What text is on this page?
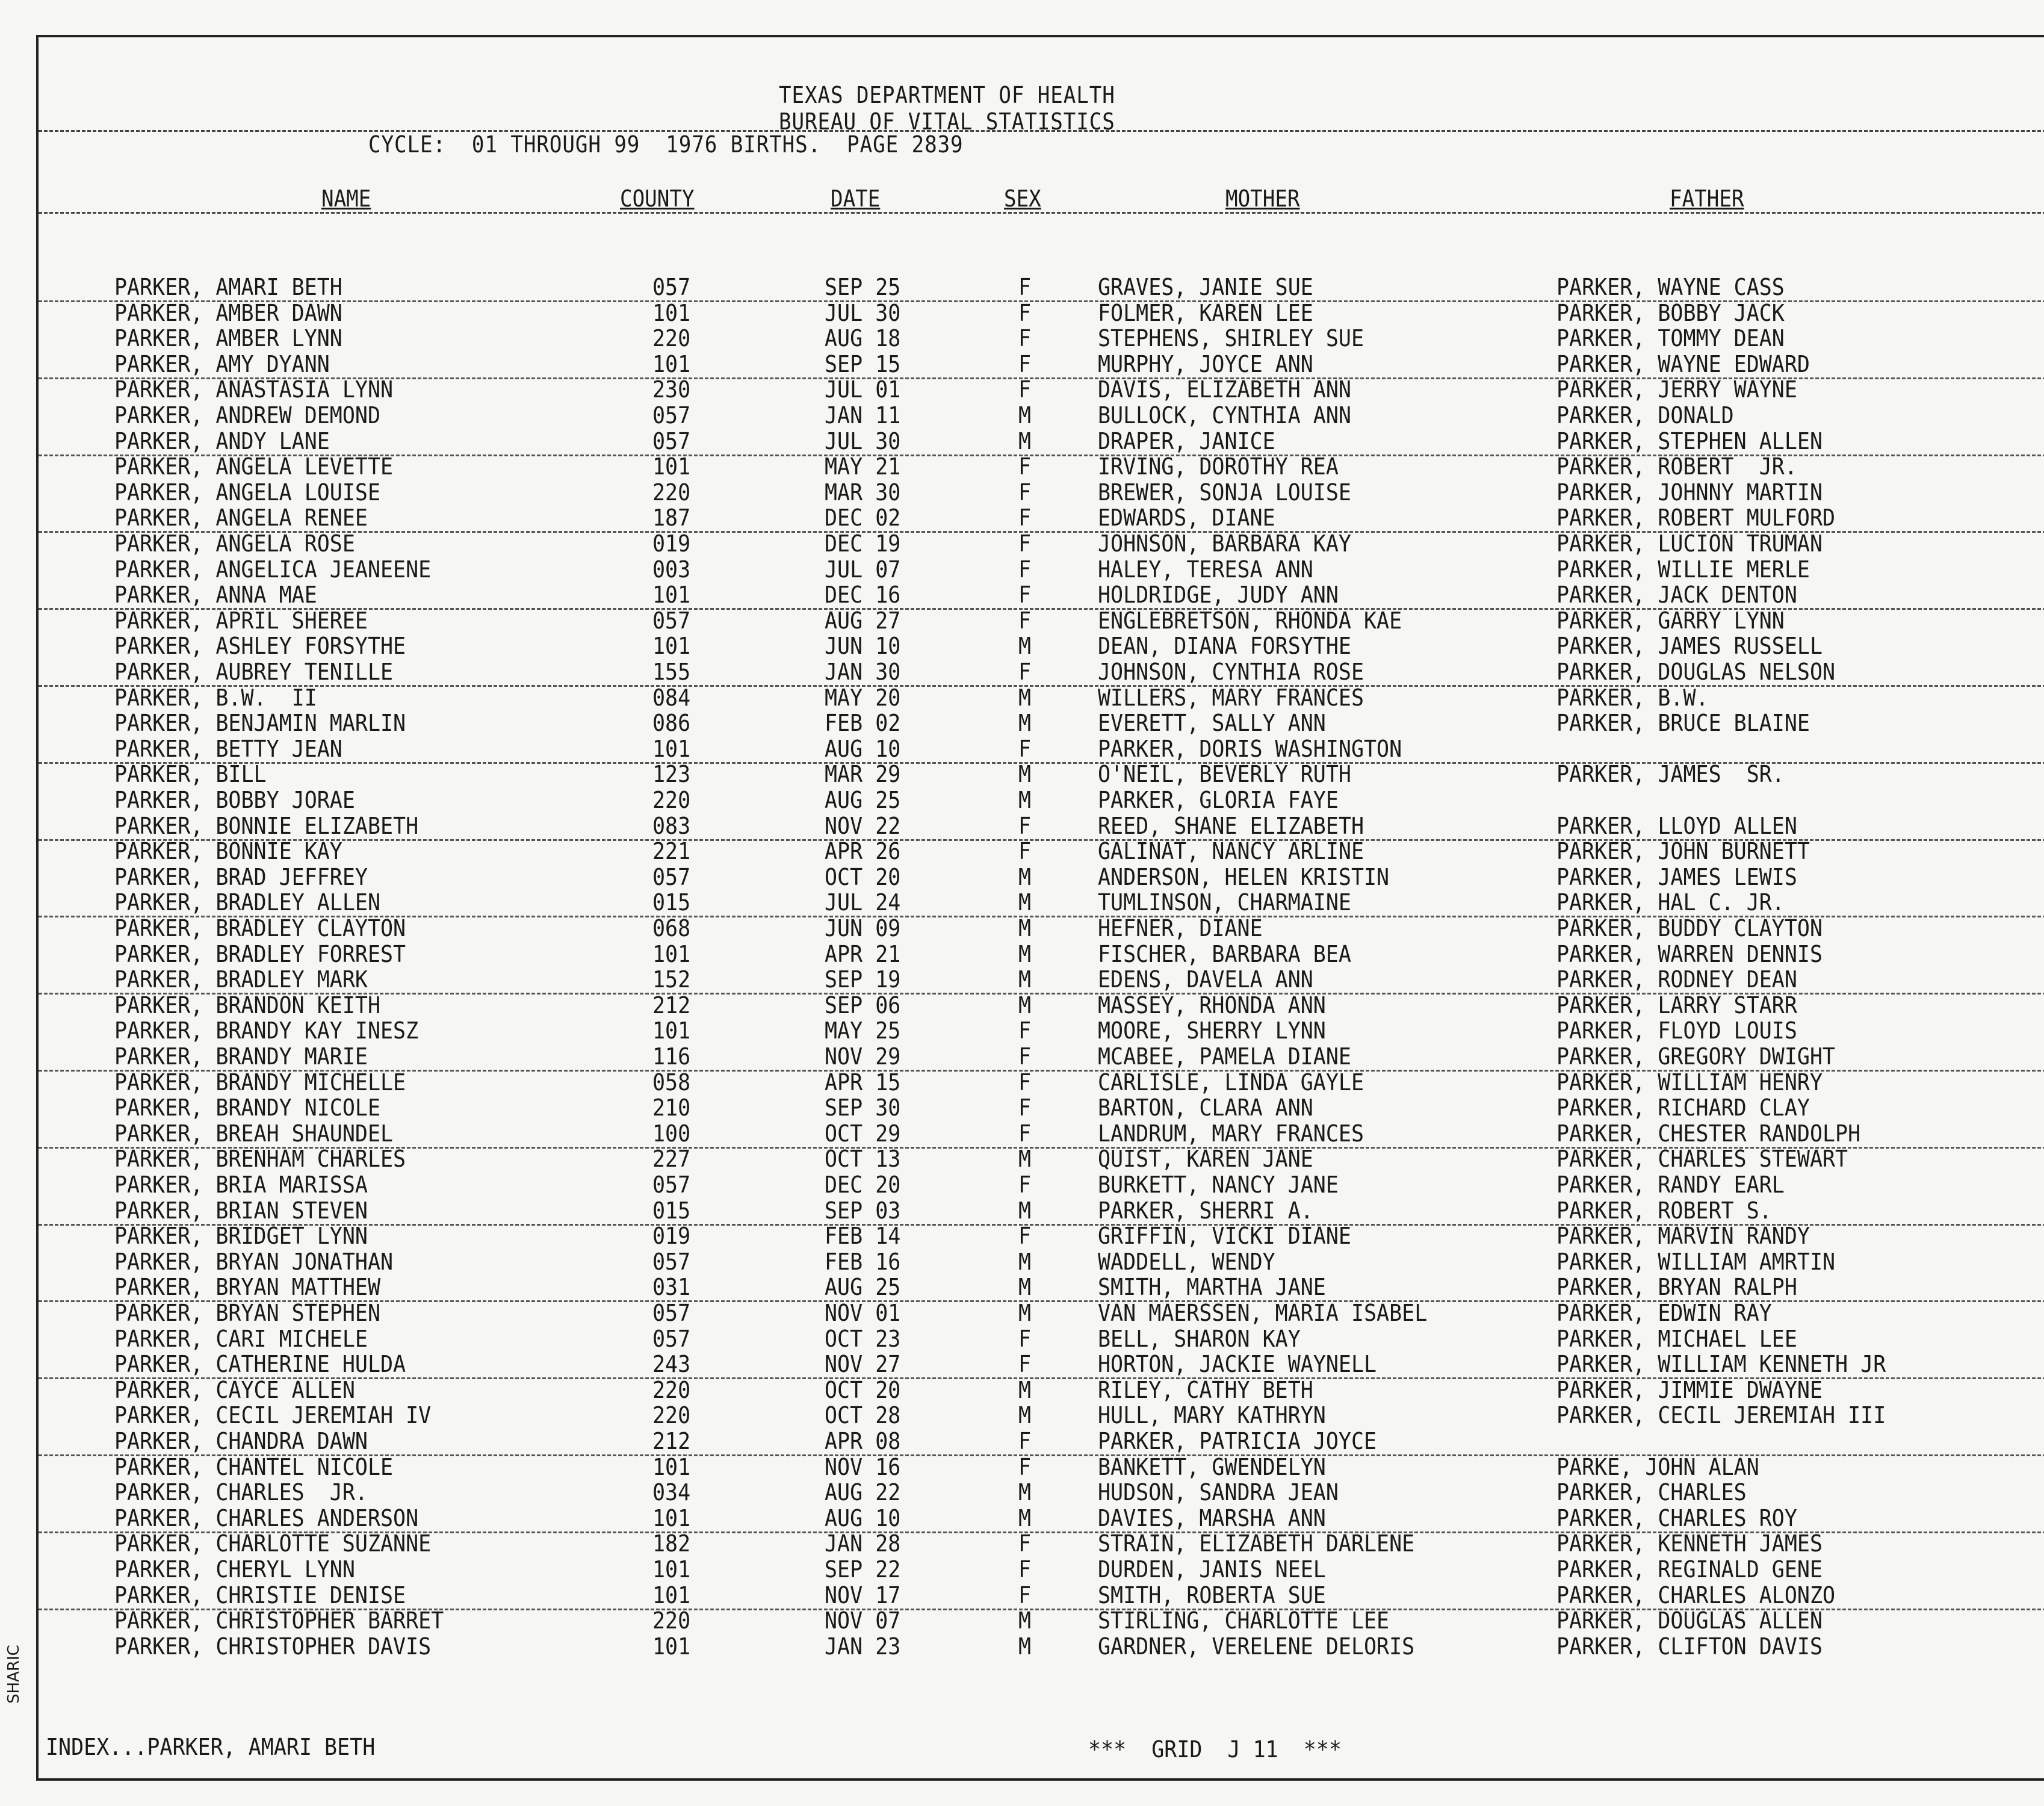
TEXAS DEPARTMENT OF HEALTH
BUREAU OF VITAL STATISTICS
CYCLE:  01 THROUGH 99  1976 BIRTHS.  PAGE 2839
NAME	COUNTY	DATE	SEX	MOTHER	FATHER
PARKER, AMARI BETH	057	SEP 25	F	GRAVES, JANIE SUE	PARKER, WAYNE CASS
PARKER, AMBER DAWN	101	JUL 30	F	FOLMER, KAREN LEE	PARKER, BOBBY JACK
PARKER, AMBER LYNN	220	AUG 18	F	STEPHENS, SHIRLEY SUE	PARKER, TOMMY DEAN
PARKER, AMY DYANN	101	SEP 15	F	MURPHY, JOYCE ANN	PARKER, WAYNE EDWARD
PARKER, ANASTASIA LYNN	230	JUL 01	F	DAVIS, ELIZABETH ANN	PARKER, JERRY WAYNE
PARKER, ANDREW DEMOND	057	JAN 11	M	BULLOCK, CYNTHIA ANN	PARKER, DONALD
PARKER, ANDY LANE	057	JUL 30	M	DRAPER, JANICE	PARKER, STEPHEN ALLEN
PARKER, ANGELA LEVETTE	101	MAY 21	F	IRVING, DOROTHY REA	PARKER, ROBERT  JR.
PARKER, ANGELA LOUISE	220	MAR 30	F	BREWER, SONJA LOUISE	PARKER, JOHNNY MARTIN
PARKER, ANGELA RENEE	187	DEC 02	F	EDWARDS, DIANE	PARKER, ROBERT MULFORD
PARKER, ANGELA ROSE	019	DEC 19	F	JOHNSON, BARBARA KAY	PARKER, LUCION TRUMAN
PARKER, ANGELICA JEANEENE	003	JUL 07	F	HALEY, TERESA ANN	PARKER, WILLIE MERLE
PARKER, ANNA MAE	101	DEC 16	F	HOLDRIDGE, JUDY ANN	PARKER, JACK DENTON
PARKER, APRIL SHEREE	057	AUG 27	F	ENGLEBRETSON, RHONDA KAE	PARKER, GARRY LYNN
PARKER, ASHLEY FORSYTHE	101	JUN 10	M	DEAN, DIANA FORSYTHE	PARKER, JAMES RUSSELL
PARKER, AUBREY TENILLE	155	JAN 30	F	JOHNSON, CYNTHIA ROSE	PARKER, DOUGLAS NELSON
PARKER, B.W.  II	084	MAY 20	M	WILLERS, MARY FRANCES	PARKER, B.W.
PARKER, BENJAMIN MARLIN	086	FEB 02	M	EVERETT, SALLY ANN	PARKER, BRUCE BLAINE
PARKER, BETTY JEAN	101	AUG 10	F	PARKER, DORIS WASHINGTON
PARKER, BILL	123	MAR 29	M	O'NEIL, BEVERLY RUTH	PARKER, JAMES  SR.
PARKER, BOBBY JORAE	220	AUG 25	M	PARKER, GLORIA FAYE
PARKER, BONNIE ELIZABETH	083	NOV 22	F	REED, SHANE ELIZABETH	PARKER, LLOYD ALLEN
PARKER, BONNIE KAY	221	APR 26	F	GALINAT, NANCY ARLINE	PARKER, JOHN BURNETT
PARKER, BRAD JEFFREY	057	OCT 20	M	ANDERSON, HELEN KRISTIN	PARKER, JAMES LEWIS
PARKER, BRADLEY ALLEN	015	JUL 24	M	TUMLINSON, CHARMAINE	PARKER, HAL C. JR.
PARKER, BRADLEY CLAYTON	068	JUN 09	M	HEFNER, DIANE	PARKER, BUDDY CLAYTON
PARKER, BRADLEY FORREST	101	APR 21	M	FISCHER, BARBARA BEA	PARKER, WARREN DENNIS
PARKER, BRADLEY MARK	152	SEP 19	M	EDENS, DAVELA ANN	PARKER, RODNEY DEAN
PARKER, BRANDON KEITH	212	SEP 06	M	MASSEY, RHONDA ANN	PARKER, LARRY STARR
PARKER, BRANDY KAY INESZ	101	MAY 25	F	MOORE, SHERRY LYNN	PARKER, FLOYD LOUIS
PARKER, BRANDY MARIE	116	NOV 29	F	MCABEE, PAMELA DIANE	PARKER, GREGORY DWIGHT
PARKER, BRANDY MICHELLE	058	APR 15	F	CARLISLE, LINDA GAYLE	PARKER, WILLIAM HENRY
PARKER, BRANDY NICOLE	210	SEP 30	F	BARTON, CLARA ANN	PARKER, RICHARD CLAY
PARKER, BREAH SHAUNDEL	100	OCT 29	F	LANDRUM, MARY FRANCES	PARKER, CHESTER RANDOLPH
PARKER, BRENHAM CHARLES	227	OCT 13	M	QUIST, KAREN JANE	PARKER, CHARLES STEWART
PARKER, BRIA MARISSA	057	DEC 20	F	BURKETT, NANCY JANE	PARKER, RANDY EARL
PARKER, BRIAN STEVEN	015	SEP 03	M	PARKER, SHERRI A.	PARKER, ROBERT S.
PARKER, BRIDGET LYNN	019	FEB 14	F	GRIFFIN, VICKI DIANE	PARKER, MARVIN RANDY
PARKER, BRYAN JONATHAN	057	FEB 16	M	WADDELL, WENDY	PARKER, WILLIAM AMRTIN
PARKER, BRYAN MATTHEW	031	AUG 25	M	SMITH, MARTHA JANE	PARKER, BRYAN RALPH
PARKER, BRYAN STEPHEN	057	NOV 01	M	VAN MAERSSEN, MARIA ISABEL	PARKER, EDWIN RAY
PARKER, CARI MICHELE	057	OCT 23	F	BELL, SHARON KAY	PARKER, MICHAEL LEE
PARKER, CATHERINE HULDA	243	NOV 27	F	HORTON, JACKIE WAYNELL	PARKER, WILLIAM KENNETH JR
PARKER, CAYCE ALLEN	220	OCT 20	M	RILEY, CATHY BETH	PARKER, JIMMIE DWAYNE
PARKER, CECIL JEREMIAH IV	220	OCT 28	M	HULL, MARY KATHRYN	PARKER, CECIL JEREMIAH III
PARKER, CHANDRA DAWN	212	APR 08	F	PARKER, PATRICIA JOYCE
PARKER, CHANTEL NICOLE	101	NOV 16	F	BANKETT, GWENDELYN	PARKE, JOHN ALAN
PARKER, CHARLES  JR.	034	AUG 22	M	HUDSON, SANDRA JEAN	PARKER, CHARLES
PARKER, CHARLES ANDERSON	101	AUG 10	M	DAVIES, MARSHA ANN	PARKER, CHARLES ROY
PARKER, CHARLOTTE SUZANNE	182	JAN 28	F	STRAIN, ELIZABETH DARLENE	PARKER, KENNETH JAMES
PARKER, CHERYL LYNN	101	SEP 22	F	DURDEN, JANIS NEEL	PARKER, REGINALD GENE
PARKER, CHRISTIE DENISE	101	NOV 17	F	SMITH, ROBERTA SUE	PARKER, CHARLES ALONZO
PARKER, CHRISTOPHER BARRET	220	NOV 07	M	STIRLING, CHARLOTTE LEE	PARKER, DOUGLAS ALLEN
PARKER, CHRISTOPHER DAVIS	101	JAN 23	M	GARDNER, VERELENE DELORIS	PARKER, CLIFTON DAVIS
INDEX...PARKER, AMARI BETH	***  GRID  J 11  ***
SHARIC
